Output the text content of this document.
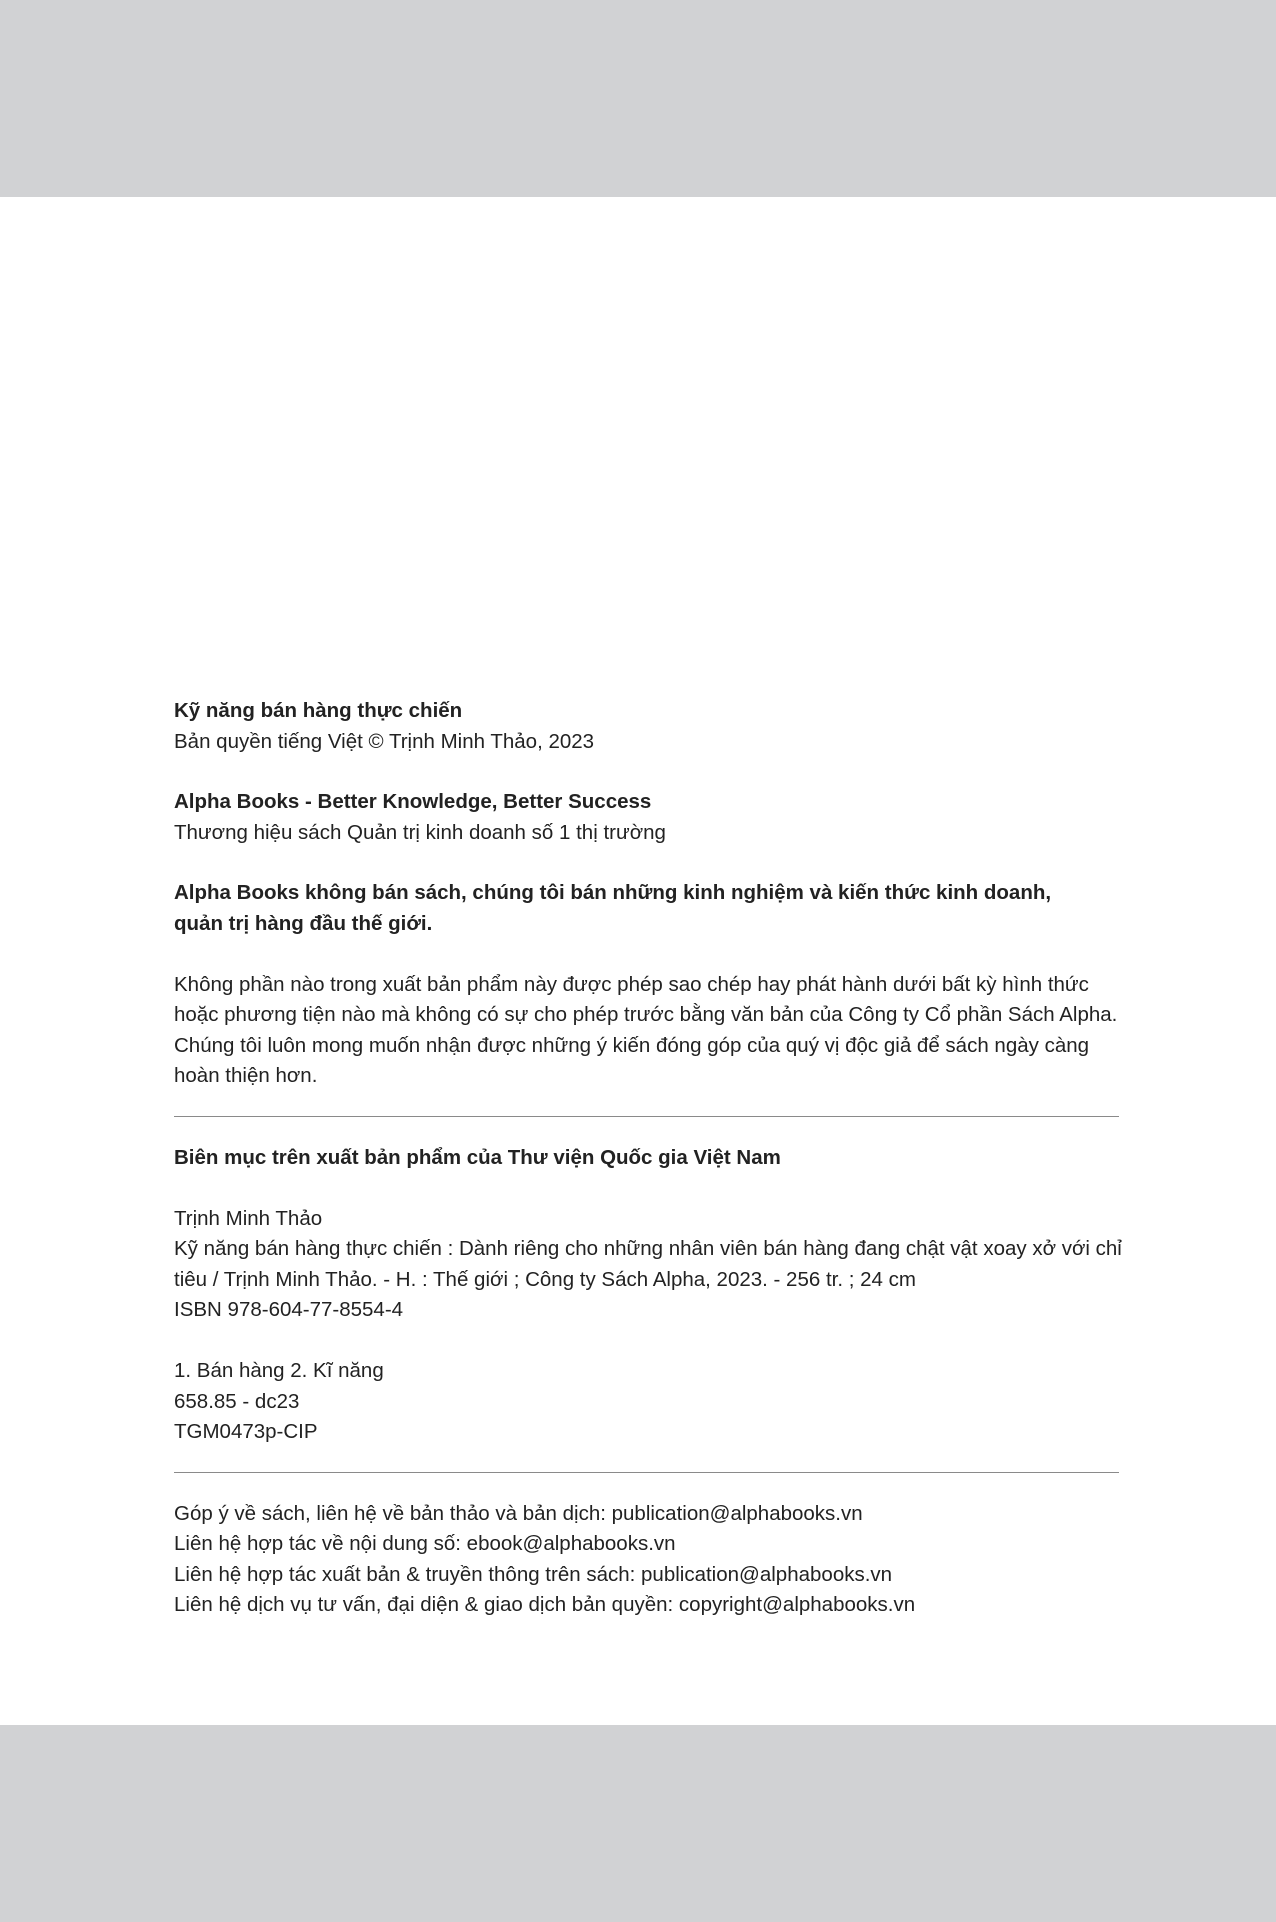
Kỹ năng bán hàng thực chiến
Bản quyền tiếng Việt © Trịnh Minh Thảo, 2023
Alpha Books - Better Knowledge, Better Success
Thương hiệu sách Quản trị kinh doanh số 1 thị trường
Alpha Books không bán sách, chúng tôi bán những kinh nghiệm và kiến thức kinh doanh,
quản trị hàng đầu thế giới.
Không phần nào trong xuất bản phẩm này được phép sao chép hay phát hành dưới bất kỳ hình thức
hoặc phương tiện nào mà không có sự cho phép trước bằng văn bản của Công ty Cổ phần Sách Alpha.
Chúng tôi luôn mong muốn nhận được những ý kiến đóng góp của quý vị độc giả để sách ngày càng
hoàn thiện hơn.
Biên mục trên xuất bản phẩm của Thư viện Quốc gia Việt Nam
Trịnh Minh Thảo
Kỹ năng bán hàng thực chiến : Dành riêng cho những nhân viên bán hàng đang chật vật xoay xở với chỉ
tiêu / Trịnh Minh Thảo. - H. : Thế giới ; Công ty Sách Alpha, 2023. - 256 tr. ; 24 cm
ISBN 978-604-77-8554-4
1. Bán hàng 2. Kĩ năng
658.85 - dc23
TGM0473p-CIP
Góp ý về sách, liên hệ về bản thảo và bản dịch: publication@alphabooks.vn
Liên hệ hợp tác về nội dung số: ebook@alphabooks.vn
Liên hệ hợp tác xuất bản & truyền thông trên sách: publication@alphabooks.vn
Liên hệ dịch vụ tư vấn, đại diện & giao dịch bản quyền: copyright@alphabooks.vn
